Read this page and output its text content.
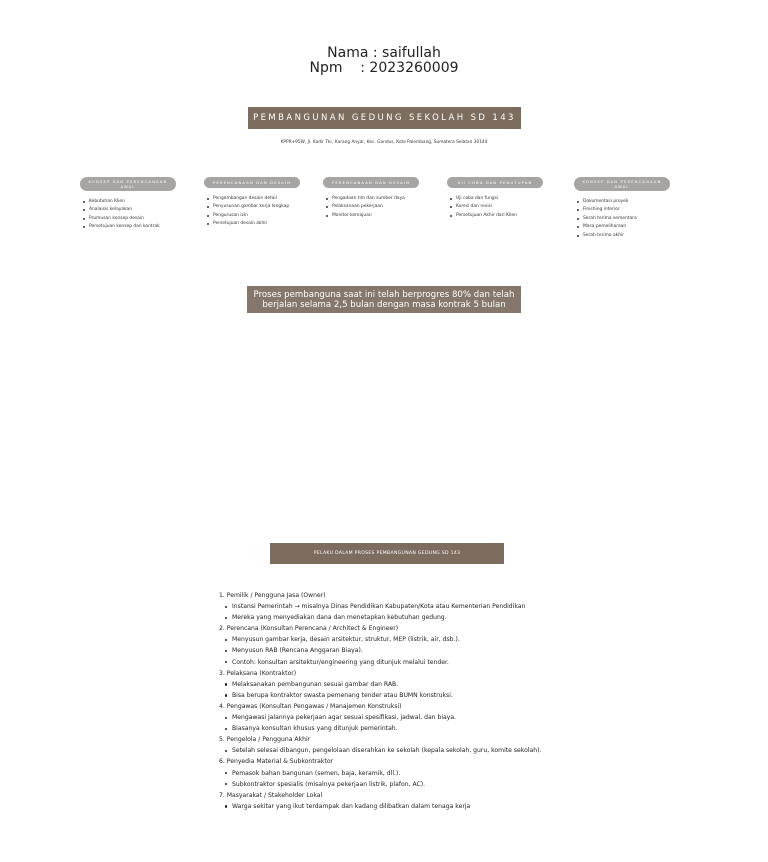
Nama : saifullah
Npm    : 2023260009
PEMBANGUNAN GEDUNG SEKOLAH SD 143
KPPR+95W, Jl. Kadir Tkr, Karang Anyar, Kec. Gandus, Kota Palembang, Sumatera Selatan 30144
KONSEP DAN PERENCANAAN AWAL
Kebutuhan Klien
Analaisis kelayakan
Prumusan konsep desain
Persetujuan konsep dan kontrak
PERENCANAAN DAN DESAIN
Pengembangan desain detail
Penyusunan gambar kerja lengkap
Pengurusan izin
Persetujuan desain akhir
PERENCANAAN DAN DESAIN
Pengadaan tim dan sumber daya
Pelaksanaan pekerjaan
Monitor kemajuan
UJI COBA DAN PENUTUPAN
Uji coba dan fungsi
Koresi dan revisi
Persetujuan Akhir dari Klien
KONSEP DAN PERENCANAAN AWAL
Dokumentasi proyek
Finishing interior
Serah terima sementara
Masa pemeliharaan
Serah terima akhir
Proses pembanguna saat ini telah berprogres 80% dan telah
berjalan selama 2,5 bulan dengan masa kontrak 5 bulan
PELAKU DALAM PROSES PEMBANGUNAN GEDUNG SD 143
1. Pemilik / Pengguna Jasa (Owner)
Instansi Pemerintah → misalnya Dinas Pendidikan Kabupaten/Kota atau Kementerian Pendidikan
Mereka yang menyediakan dana dan menetapkan kebutuhan gedung.
2. Perencana (Konsultan Perencana / Architect & Engineer)
Menyusun gambar kerja, desain arsitektur, struktur, MEP (listrik, air, dsb.).
Menyusun RAB (Rencana Anggaran Biaya).
Contoh: konsultan arsitektur/engineering yang ditunjuk melalui tender.
3. Pelaksana (Kontraktor)
Melaksanakan pembangunan sesuai gambar dan RAB.
Bisa berupa kontraktor swasta pemenang tender atau BUMN konstruksi.
4. Pengawas (Konsultan Pengawas / Manajemen Konstruksi)
Mengawasi jalannya pekerjaan agar sesuai spesifikasi, jadwal, dan biaya.
Biasanya konsultan khusus yang ditunjuk pemerintah.
5. Pengelola / Pengguna Akhir
Setelah selesai dibangun, pengelolaan diserahkan ke sekolah (kepala sekolah, guru, komite sekolah).
6. Penyedia Material & Subkontraktor
Pemasok bahan bangunan (semen, baja, keramik, dll.).
Subkontraktor spesialis (misalnya pekerjaan listrik, plafon, AC).
7. Masyarakat / Stakeholder Lokal
Warga sekitar yang ikut terdampak dan kadang dilibatkan dalam tenaga kerja
